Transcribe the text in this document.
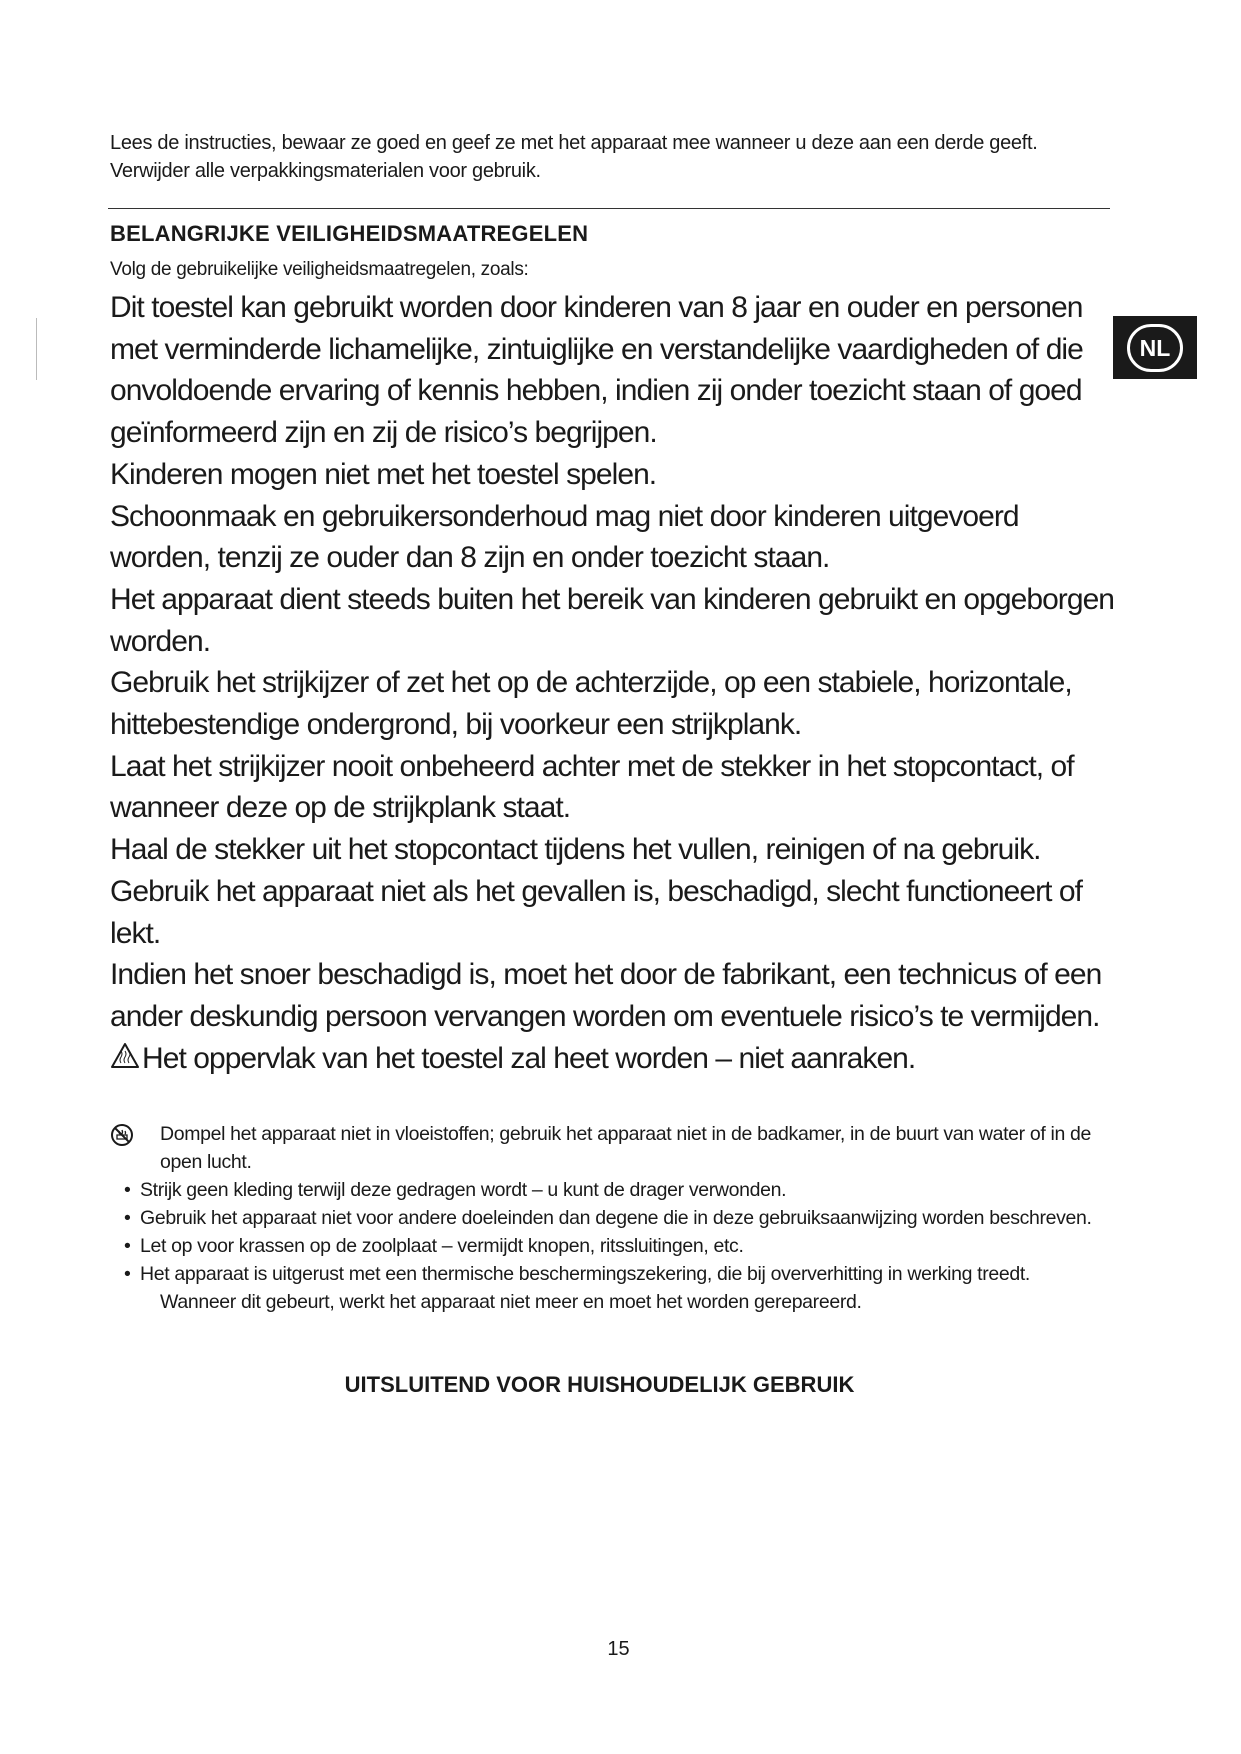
Lees de instructies, bewaar ze goed en geef ze met het apparaat mee wanneer u deze aan een derde geeft. Verwijder alle verpakkingsmaterialen voor gebruik.

BELANGRIJKE VEILIGHEIDSMAATREGELEN

Volg de gebruikelijke veiligheidsmaatregelen, zoals:

Dit toestel kan gebruikt worden door kinderen van 8 jaar en ouder en personen met verminderde lichamelijke, zintuiglijke en verstandelijke vaardigheden of die onvoldoende ervaring of kennis hebben, indien zij onder toezicht staan of goed geïnformeerd zijn en zij de risico’s begrijpen.

Kinderen mogen niet met het toestel spelen.

Schoonmaak en gebruikersonderhoud mag niet door kinderen uitgevoerd worden, tenzij ze ouder dan 8 zijn en onder toezicht staan.

Het apparaat dient steeds buiten het bereik van kinderen gebruikt en opgeborgen worden.

Gebruik het strijkijzer of zet het op de achterzijde, op een stabiele, horizontale, hittebestendige ondergrond, bij voorkeur een strijkplank.

Laat het strijkijzer nooit onbeheerd achter met de stekker in het stopcontact, of wanneer deze op de strijkplank staat.

Haal de stekker uit het stopcontact tijdens het vullen, reinigen of na gebruik.

Gebruik het apparaat niet als het gevallen is, beschadigd, slecht functioneert of lekt.

Indien het snoer beschadigd is, moet het door de fabrikant, een technicus of een ander deskundig persoon vervangen worden om eventuele risico’s te vermijden.

Het oppervlak van het toestel zal heet worden – niet aanraken.

Dompel het apparaat niet in vloeistoffen; gebruik het apparaat niet in de badkamer, in de buurt van water of in de open lucht.

• Strijk geen kleding terwijl deze gedragen wordt – u kunt de drager verwonden.

• Gebruik het apparaat niet voor andere doeleinden dan degene die in deze gebruiksaanwijzing worden beschreven.

• Let op voor krassen op de zoolplaat – vermijdt knopen, ritssluitingen, etc.

• Het apparaat is uitgerust met een thermische beschermingszekering, die bij oververhitting in werking treedt. Wanneer dit gebeurt, werkt het apparaat niet meer en moet het worden gerepareerd.

UITSLUITEND VOOR HUISHOUDELIJK GEBRUIK

NL

15
